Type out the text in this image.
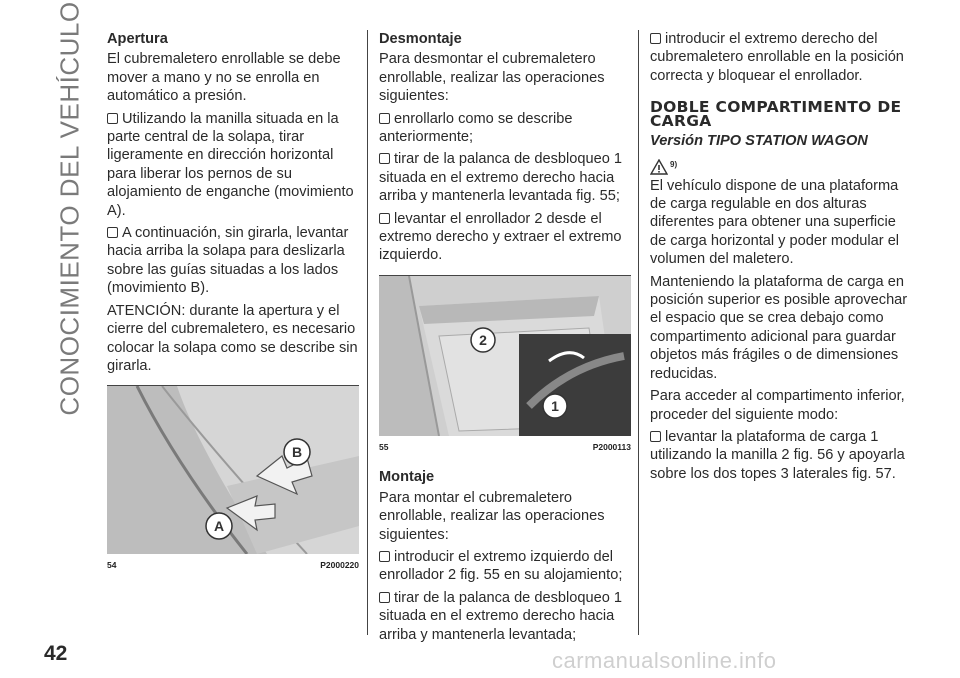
CONOCIMIENTO DEL VEHÍCULO
42
Apertura

El cubremaletero enrollable se debe mover a mano y no se enrolla en automático a presión.

Utilizando la manilla situada en la parte central de la solapa, tirar ligeramente en dirección horizontal para liberar los pernos de su alojamiento de enganche (movimiento A).

A continuación, sin girarla, levantar hacia arriba la solapa para deslizarla sobre las guías situadas a los lados (movimiento B).

ATENCIÓN: durante la apertura y el cierre del cubremaletero, es necesario colocar la solapa como se describe sin girarla.

B
A
54	P2000220
Desmontaje

Para desmontar el cubremaletero enrollable, realizar las operaciones siguientes:

enrollarlo como se describe anteriormente;

tirar de la palanca de desbloqueo 1 situada en el extremo derecho hacia arriba y mantenerla levantada fig. 55;

levantar el enrollador 2 desde el extremo derecho y extraer el extremo izquierdo.

2
1
55	P2000113
Montaje

Para montar el cubremaletero enrollable, realizar las operaciones siguientes:

introducir el extremo izquierdo del enrollador 2 fig. 55 en su alojamiento;

tirar de la palanca de desbloqueo 1 situada en el extremo derecho hacia arriba y mantenerla levantada;

introducir el extremo derecho del cubremaletero enrollable en la posición correcta y bloquear el enrollador.

DOBLE COMPARTIMENTO DE CARGA
Versión TIPO STATION WAGON
9)

El vehículo dispone de una plataforma de carga regulable en dos alturas diferentes para obtener una superficie de carga horizontal y poder modular el volumen del maletero.

Manteniendo la plataforma de carga en posición superior es posible aprovechar el espacio que se crea debajo como compartimento adicional para guardar objetos más frágiles o de dimensiones reducidas.

Para acceder al compartimento inferior, proceder del siguiente modo:

levantar la plataforma de carga 1 utilizando la manilla 2 fig. 56 y apoyarla sobre los dos topes 3 laterales fig. 57.

carmanualsonline.info
